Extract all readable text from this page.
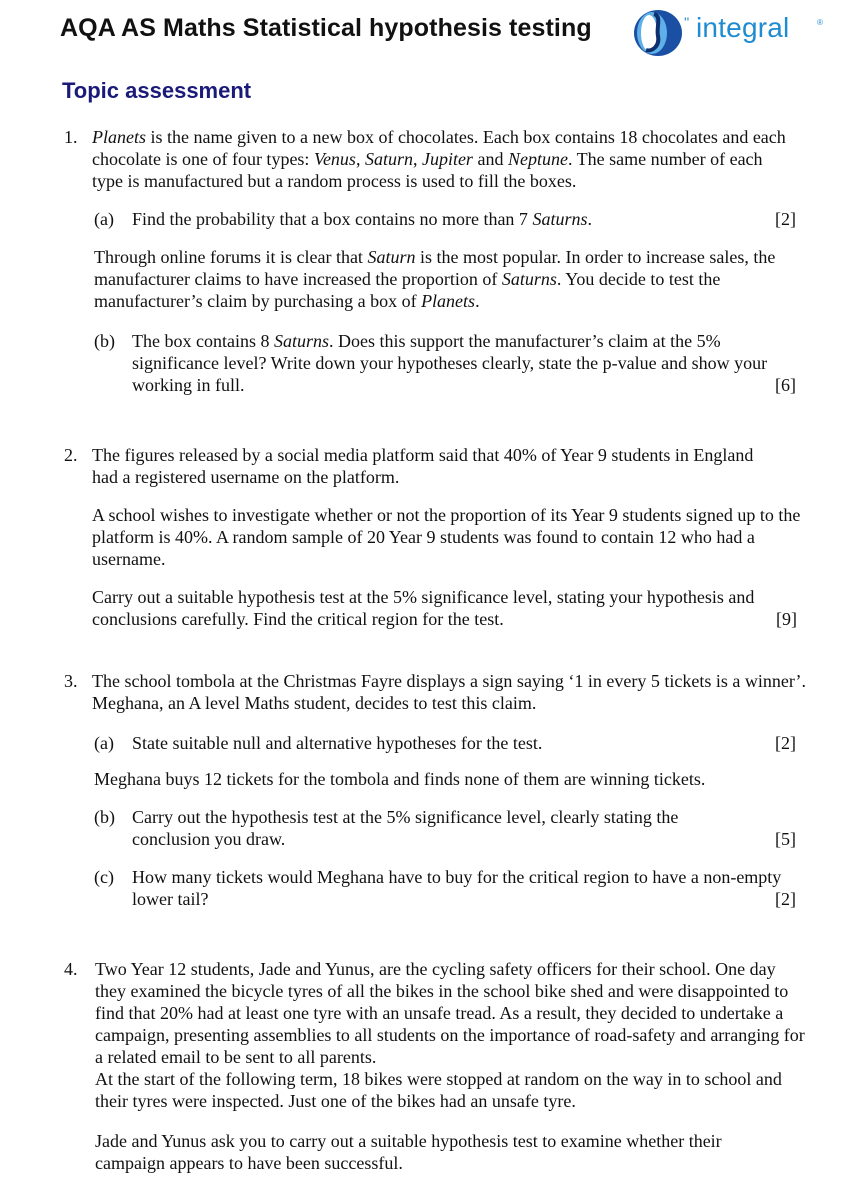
AQA AS Maths Statistical hypothesis testing	'' integral	®
Topic assessment
1. Planets is the name given to a new box of chocolates. Each box contains 18 chocolates and each chocolate is one of four types: Venus, Saturn, Jupiter and Neptune. The same number of each type is manufactured but a random process is used to fill the boxes.

(a) Find the probability that a box contains no more than 7 Saturns.	[2]

Through online forums it is clear that Saturn is the most popular. In order to increase sales, the manufacturer claims to have increased the proportion of Saturns. You decide to test the manufacturer’s claim by purchasing a box of Planets.

(b) The box contains 8 Saturns. Does this support the manufacturer’s claim at the 5% significance level? Write down your hypotheses clearly, state the p-value and show your working in full.	[6]
2. The figures released by a social media platform said that 40% of Year 9 students in England had a registered username on the platform.

A school wishes to investigate whether or not the proportion of its Year 9 students signed up to the platform is 40%. A random sample of 20 Year 9 students was found to contain 12 who had a username.

Carry out a suitable hypothesis test at the 5% significance level, stating your hypothesis and conclusions carefully. Find the critical region for the test.	[9]
3. The school tombola at the Christmas Fayre displays a sign saying ‘1 in every 5 tickets is a winner’. Meghana, an A level Maths student, decides to test this claim.

(a) State suitable null and alternative hypotheses for the test.	[2]

Meghana buys 12 tickets for the tombola and finds none of them are winning tickets.

(b) Carry out the hypothesis test at the 5% significance level, clearly stating the conclusion you draw.	[5]
(c) How many tickets would Meghana have to buy for the critical region to have a non-empty lower tail?	[2]
4. Two Year 12 students, Jade and Yunus, are the cycling safety officers for their school. One day they examined the bicycle tyres of all the bikes in the school bike shed and were disappointed to find that 20% had at least one tyre with an unsafe tread. As a result, they decided to undertake a campaign, presenting assemblies to all students on the importance of road-safety and arranging for a related email to be sent to all parents.

At the start of the following term, 18 bikes were stopped at random on the way in to school and their tyres were inspected. Just one of the bikes had an unsafe tyre.

Jade and Yunus ask you to carry out a suitable hypothesis test to examine whether their campaign appears to have been successful.
